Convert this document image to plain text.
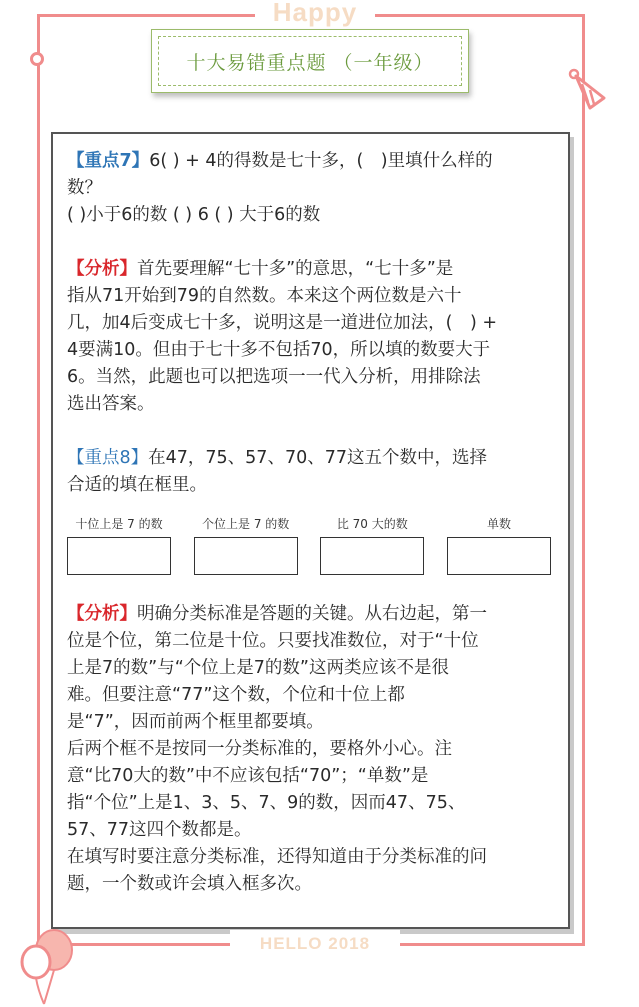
Happy
十大易错重点题 （一年级）

【重点7】6( ) + 4的得数是七十多，(　)里填什么样的

数？

( )小于6的数 ( ) 6 ( ) 大于6的数

【分析】首先要理解“七十多”的意思，“七十多”是

指从71开始到79的自然数。本来这个两位数是六十

几，加4后变成七十多，说明这是一道进位加法，(　) +

4要满10。但由于七十多不包括70，所以填的数要大于

6。当然，此题也可以把选项一一代入分析，用排除法

选出答案。

【重点8】在47，75、57、70、77这五个数中，选择

合适的填在框里。

十位上是 7 的数	个位上是 7 的数	比 70 大的数	单数

【分析】明确分类标准是答题的关键。从右边起，第一

位是个位，第二位是十位。只要找准数位，对于“十位

上是7的数”与“个位上是7的数”这两类应该不是很

难。但要注意“77”这个数，个位和十位上都

是“7”，因而前两个框里都要填。

后两个框不是按同一分类标准的，要格外小心。注

意“比70大的数”中不应该包括“70”；“单数”是

指“个位”上是1、3、5、7、9的数，因而47、75、

57、77这四个数都是。

在填写时要注意分类标准，还得知道由于分类标准的问

题，一个数或许会填入框多次。

HELLO 2018
